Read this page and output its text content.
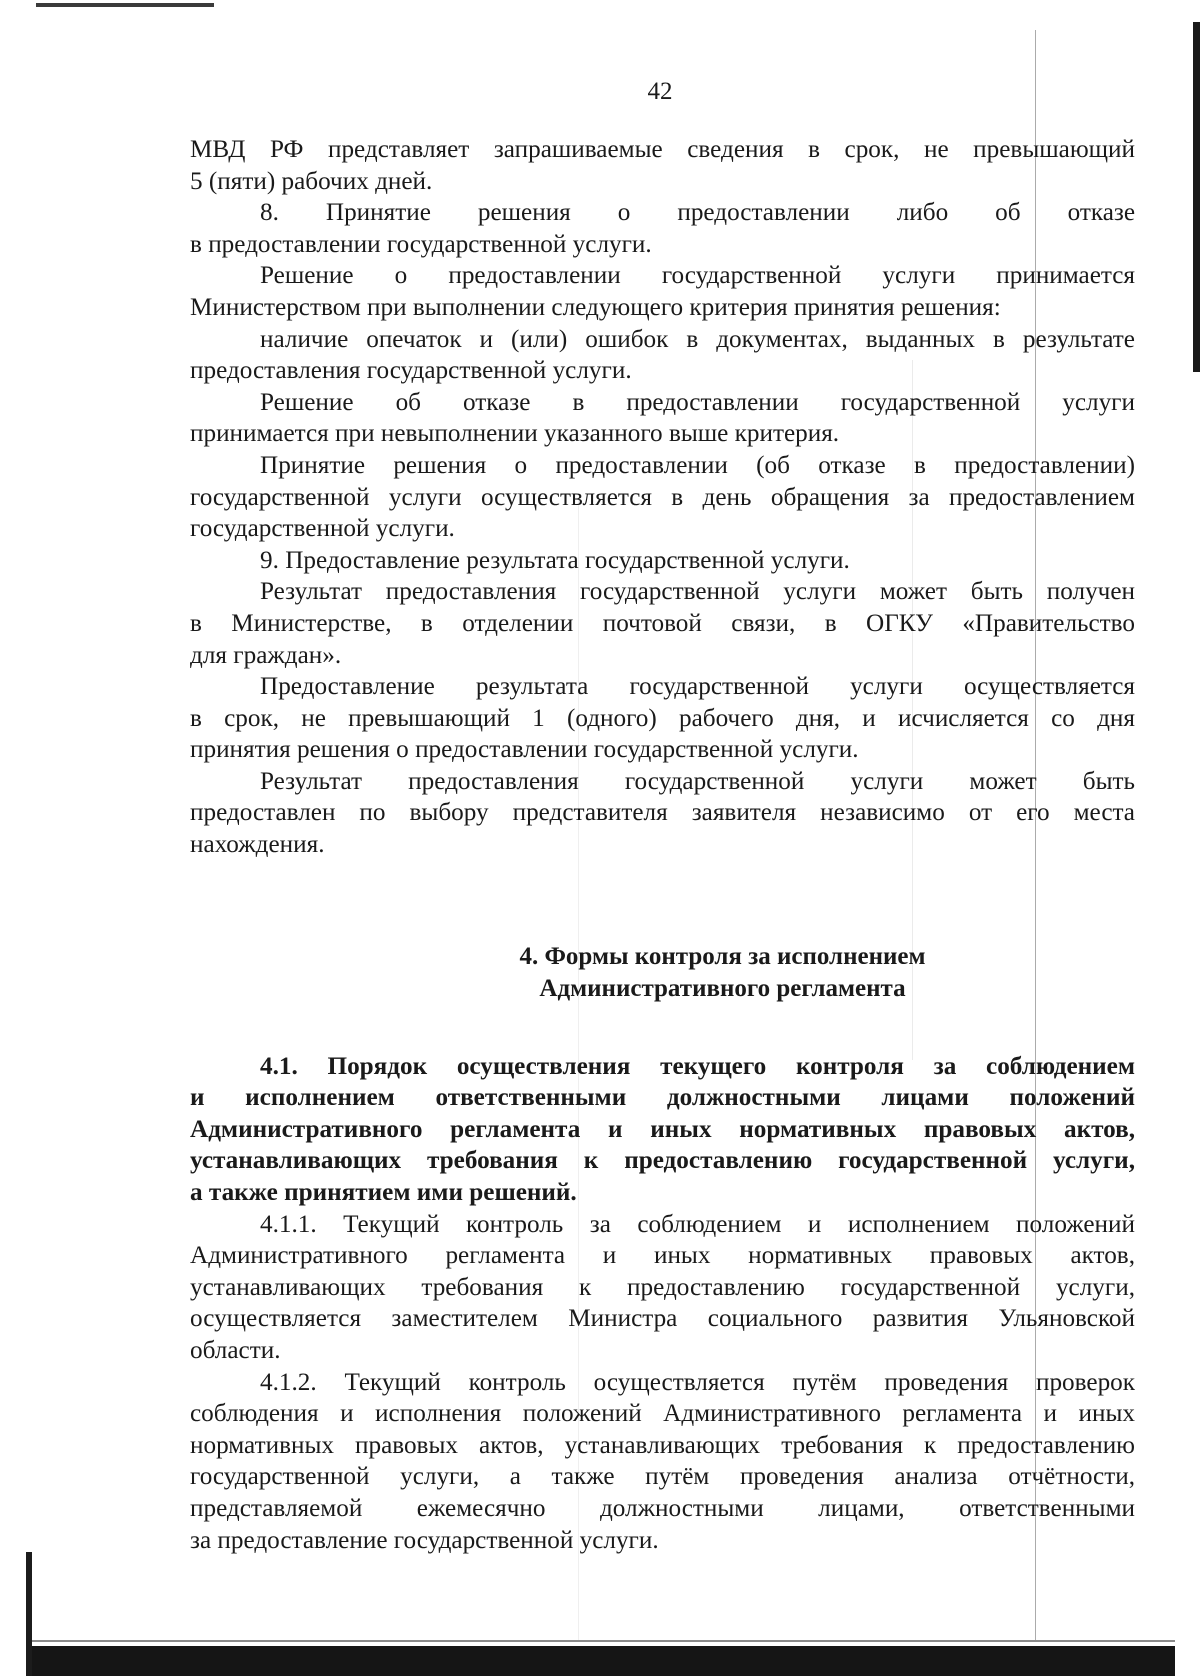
42
МВД РФ представляет запрашиваемые сведения в срок, не превышающий
5 (пяти) рабочих дней.
8. Принятие решения о предоставлении либо об отказе
в предоставлении государственной услуги.
Решение о предоставлении государственной услуги принимается
Министерством при выполнении следующего критерия принятия решения:
наличие опечаток и (или) ошибок в документах, выданных в результате
предоставления государственной услуги.
Решение об отказе в предоставлении государственной услуги
принимается при невыполнении указанного выше критерия.
Принятие решения о предоставлении (об отказе в предоставлении)
государственной услуги осуществляется в день обращения за предоставлением
государственной услуги.
9. Предоставление результата государственной услуги.
Результат предоставления государственной услуги может быть получен
в Министерстве, в отделении почтовой связи, в ОГКУ «Правительство
для граждан».
Предоставление результата государственной услуги осуществляется
в срок, не превышающий 1 (одного) рабочего дня, и исчисляется со дня
принятия решения о предоставлении государственной услуги.
Результат предоставления государственной услуги может быть
предоставлен по выбору представителя заявителя независимо от его места
нахождения.

4. Формы контроля за исполнением
Административного регламента

4.1. Порядок осуществления текущего контроля за соблюдением
и исполнением ответственными должностными лицами положений
Административного регламента и иных нормативных правовых актов,
устанавливающих требования к предоставлению государственной услуги,
а также принятием ими решений.
4.1.1. Текущий контроль за соблюдением и исполнением положений
Административного регламента и иных нормативных правовых актов,
устанавливающих требования к предоставлению государственной услуги,
осуществляется заместителем Министра социального развития Ульяновской
области.
4.1.2. Текущий контроль осуществляется путём проведения проверок
соблюдения и исполнения положений Административного регламента и иных
нормативных правовых актов, устанавливающих требования к предоставлению
государственной услуги, а также путём проведения анализа отчётности,
представляемой ежемесячно должностными лицами, ответственными
за предоставление государственной услуги.
